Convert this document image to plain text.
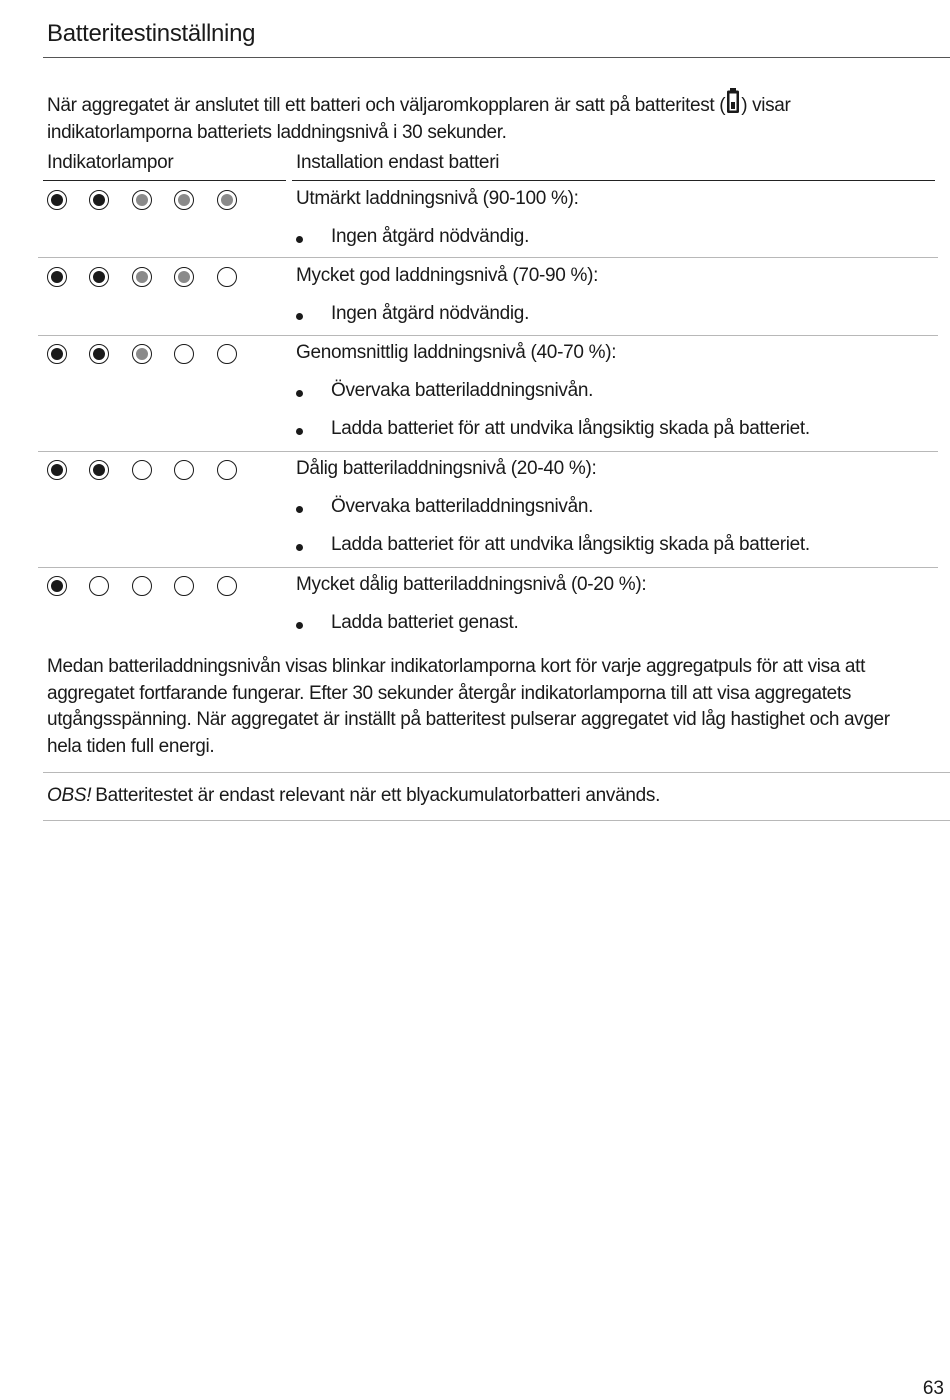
Batteritestinställning
När aggregatet är anslutet till ett batteri och väljaromkopplaren är satt på batteritest ( ) visar indikatorlamporna batteriets laddningsnivå i 30 sekunder.
Indikatorlampor	Installation endast batteri
Utmärkt laddningsnivå (90-100 %):
Ingen åtgärd nödvändig.
Mycket god laddningsnivå (70-90 %):
Ingen åtgärd nödvändig.
Genomsnittlig laddningsnivå (40-70 %):
Övervaka batteriladdningsnivån.
Ladda batteriet för att undvika långsiktig skada på batteriet.
Dålig batteriladdningsnivå (20-40 %):
Övervaka batteriladdningsnivån.
Ladda batteriet för att undvika långsiktig skada på batteriet.
Mycket dålig batteriladdningsnivå (0-20 %):
Ladda batteriet genast.
Medan batteriladdningsnivån visas blinkar indikatorlamporna kort för varje aggregatpuls för att visa att aggregatet fortfarande fungerar. Efter 30 sekunder återgår indikatorlamporna till att visa aggregatets utgångsspänning. När aggregatet är inställt på batteritest pulserar aggregatet vid låg hastighet och avger hela tiden full energi.
OBS! Batteritestet är endast relevant när ett blyackumulatorbatteri används.
63
